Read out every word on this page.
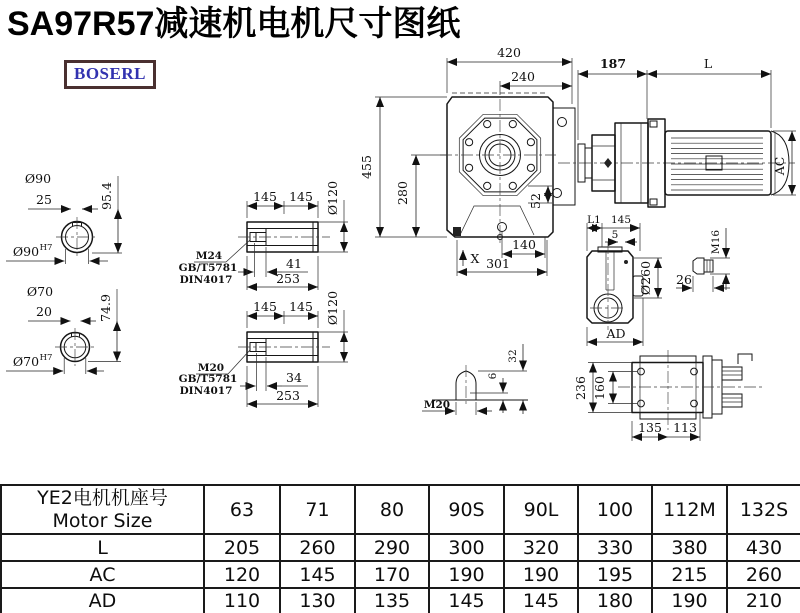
SA97R57减速机电机尺寸图纸
BOSERL
Ø90
25	95.4
Ø90 H7
Ø70
20	74.9
Ø70 H7
145 145 Ø120
M24
GB/T5781
DIN4017
41
253
145 145 Ø120
M20
GB/T5781
DIN4017
34
253
420
240
455
280	52
140
301
X
187	L
AC
L1 145
5
Ø260
AD
M16
26
M20
6
32
236 160
135 113
YE2电机机座号
Motor Size	63	71	80	90S	90L	100	112M	132S
L	205	260	290	300	320	330	380	430
AC	120	145	170	190	190	195	215	260
AD	110	130	135	145	145	180	190	210
